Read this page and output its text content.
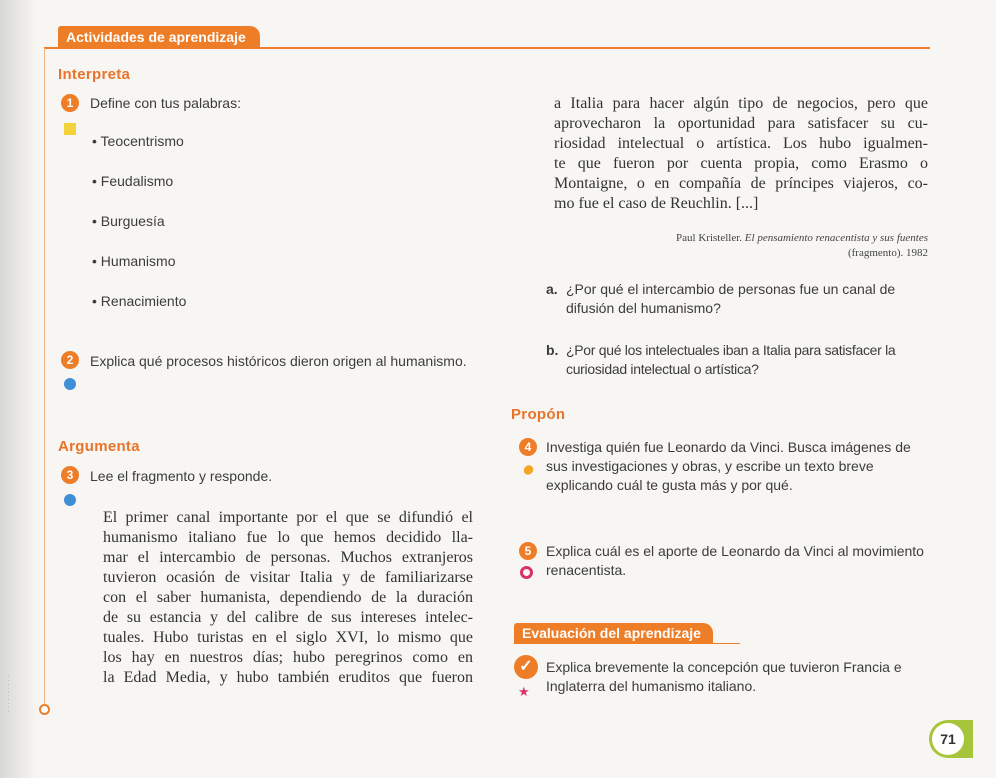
· · · · · · · · · ·
Actividades de aprendizaje
Interpreta
1	Define con tus palabras:
• Teocentrismo
• Feudalismo
• Burguesía
• Humanismo
• Renacimiento
2	Explica qué procesos históricos dieron origen al humanismo.
Argumenta
3	Lee el fragmento y responde.
El primer canal importante por el que se difundió el
humanismo italiano fue lo que hemos decidido lla-
mar el intercambio de personas. Muchos extranjeros
tuvieron ocasión de visitar Italia y de familiarizarse
con el saber humanista, dependiendo de la duración
de su estancia y del calibre de sus intereses intelec-
tuales. Hubo turistas en el siglo XVI, lo mismo que
los hay en nuestros días; hubo peregrinos como en
la Edad Media, y hubo también eruditos que fueron
a Italia para hacer algún tipo de negocios, pero que
aprovecharon la oportunidad para satisfacer su cu-
riosidad intelectual o artística. Los hubo igualmen-
te que fueron por cuenta propia, como Erasmo o
Montaigne, o en compañía de príncipes viajeros, co-
mo fue el caso de Reuchlin. [...]
Paul Kristeller. El pensamiento renacentista y sus fuentes
(fragmento). 1982
a. ¿Por qué el intercambio de personas fue un canal de difusión del humanismo?
b. ¿Por qué los intelectuales iban a Italia para satisfacer la curiosidad intelectual o artística?
Propón
4	Investiga quién fue Leonardo da Vinci. Busca imágenes de sus investigaciones y obras, y escribe un texto breve explicando cuál te gusta más y por qué.
5	Explica cuál es el aporte de Leonardo da Vinci al movimiento renacentista.
Evaluación del aprendizaje
✓
★
Explica brevemente la concepción que tuvieron Francia e Inglaterra del humanismo italiano.
71
